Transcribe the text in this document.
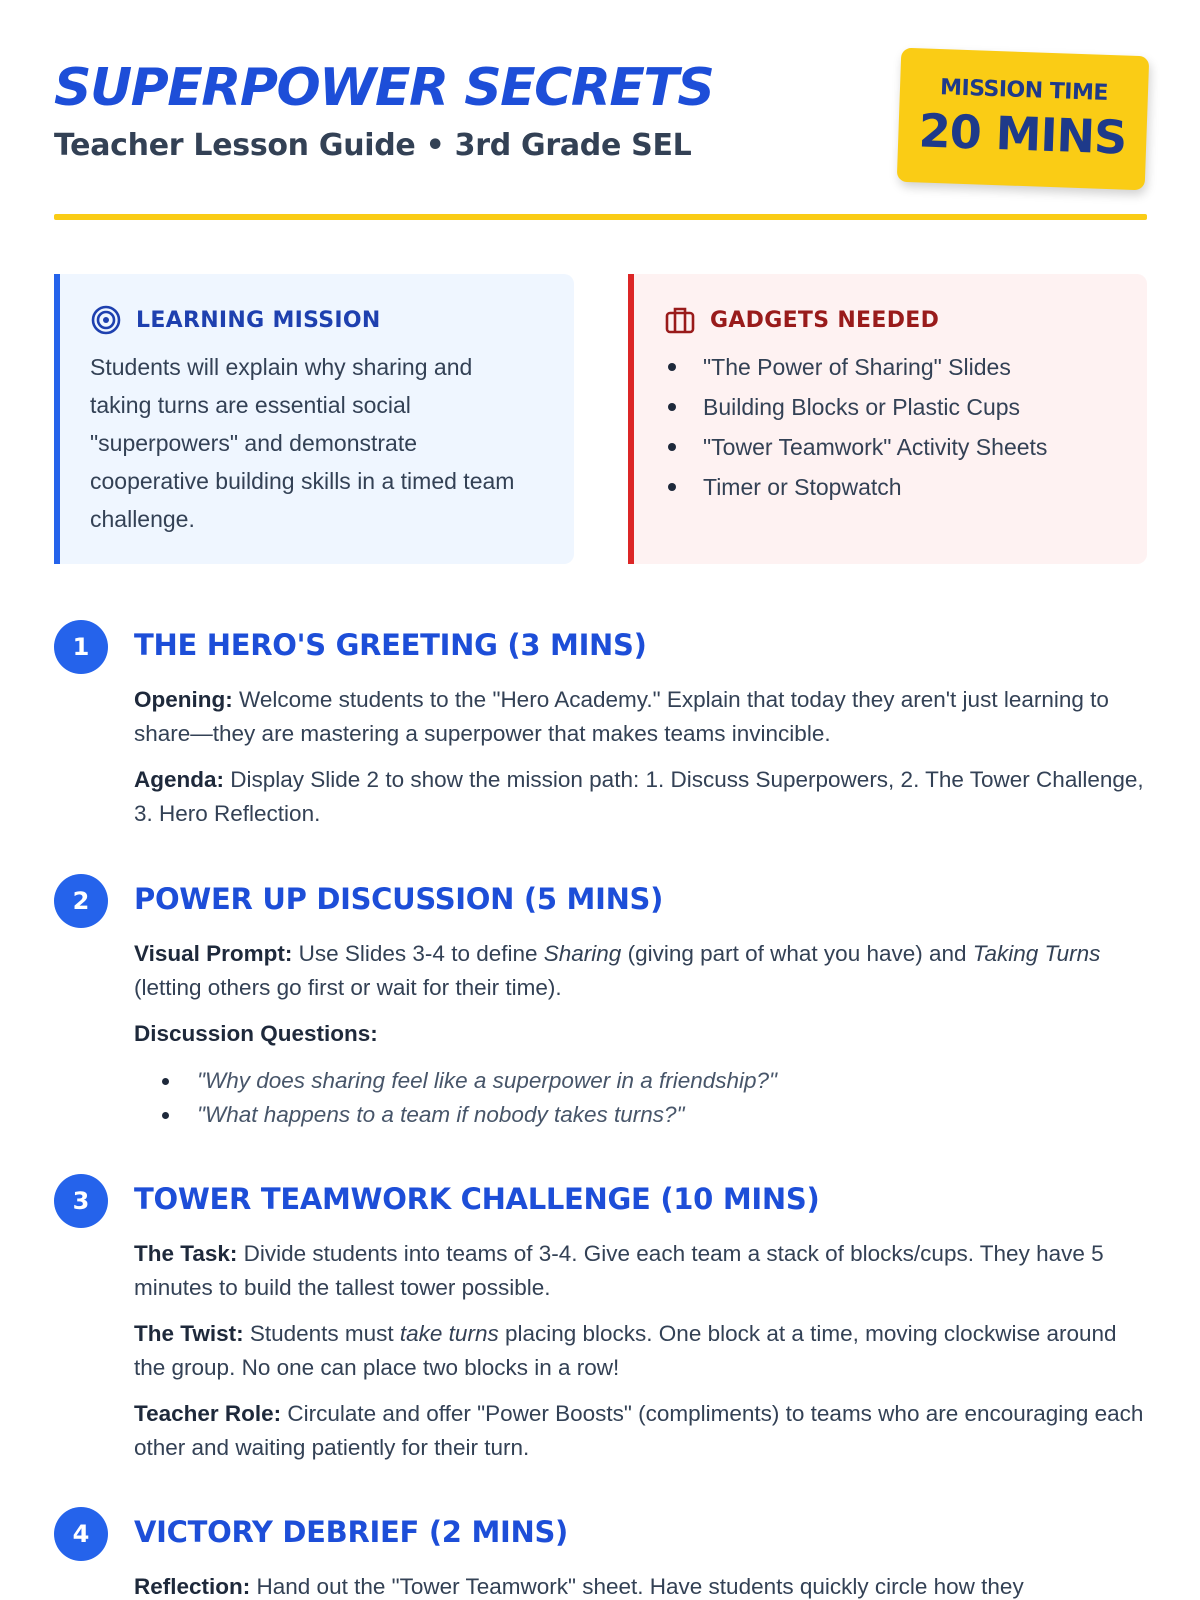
SUPERPOWER SECRETS
Teacher Lesson Guide • 3rd Grade SEL
MISSION TIME
20 MINS
LEARNING MISSION
Students will explain why sharing and taking turns are essential social "superpowers" and demonstrate cooperative building skills in a timed team challenge.
GADGETS NEEDED
"The Power of Sharing" Slides
Building Blocks or Plastic Cups
"Tower Teamwork" Activity Sheets
Timer or Stopwatch
1	THE HERO'S GREETING (3 MINS)
Opening: Welcome students to the "Hero Academy." Explain that today they aren't just learning to share—they are mastering a superpower that makes teams invincible.
Agenda: Display Slide 2 to show the mission path: 1. Discuss Superpowers, 2. The Tower Challenge, 3. Hero Reflection.
2	POWER UP DISCUSSION (5 MINS)
Visual Prompt: Use Slides 3-4 to define Sharing (giving part of what you have) and Taking Turns (letting others go first or wait for their time).
Discussion Questions:
"Why does sharing feel like a superpower in a friendship?"
"What happens to a team if nobody takes turns?"
3	TOWER TEAMWORK CHALLENGE (10 MINS)
The Task: Divide students into teams of 3-4. Give each team a stack of blocks/cups. They have 5 minutes to build the tallest tower possible.
The Twist: Students must take turns placing blocks. One block at a time, moving clockwise around the group. No one can place two blocks in a row!
Teacher Role: Circulate and offer "Power Boosts" (compliments) to teams who are encouraging each other and waiting patiently for their turn.
4	VICTORY DEBRIEF (2 MINS)
Reflection: Hand out the "Tower Teamwork" sheet. Have students quickly circle how they
